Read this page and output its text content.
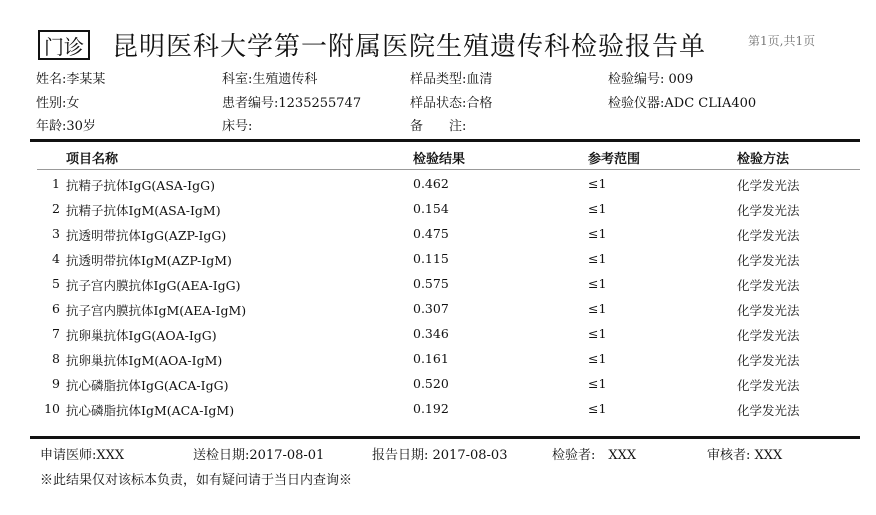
门诊 昆明医科大学第一附属医院生殖遗传科检验报告单	第1页,共1页
姓名:李某某	科室:生殖遗传科	样品类型:血清	检验编号: 009
性别:女	患者编号:1235255747	样品状态:合格	检验仪器:ADC CLIA400
年龄:30岁	床号:	备　　注:
项目名称	检验结果	参考范围	检验方法
1 抗精子抗体IgG(ASA-IgG)	0.462	≤1	化学发光法
2 抗精子抗体IgM(ASA-IgM)	0.154	≤1	化学发光法
3 抗透明带抗体IgG(AZP-IgG)	0.475	≤1	化学发光法
4 抗透明带抗体IgM(AZP-IgM)	0.115	≤1	化学发光法
5 抗子宫内膜抗体IgG(AEA-IgG)	0.575	≤1	化学发光法
6 抗子宫内膜抗体IgM(AEA-IgM)	0.307	≤1	化学发光法
7 抗卵巢抗体IgG(AOA-IgG)	0.346	≤1	化学发光法
8 抗卵巢抗体IgM(AOA-IgM)	0.161	≤1	化学发光法
9 抗心磷脂抗体IgG(ACA-IgG)	0.520	≤1	化学发光法
10 抗心磷脂抗体IgM(ACA-IgM)	0.192	≤1	化学发光法
申请医师:XXX	送检日期:2017-08-01	报告日期: 2017-08-03	检验者:　XXX	审核者: XXX
※此结果仅对该标本负责，如有疑问请于当日内查询※
